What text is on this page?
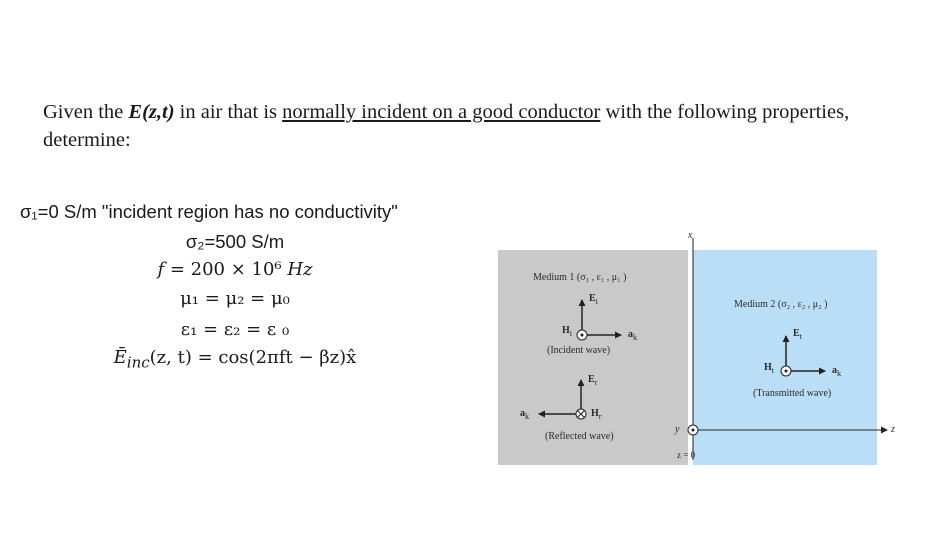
Given the E(z,t) in air that is normally incident on a good conductor with the following properties, determine:
σ₁=0 S/m "incident region has no conductivity"
σ₂=500 S/m
f = 200 × 10⁶ Hz
μ₁ = μ₂ = μ₀
ε₁ = ε₂ = ε ₀
$Ē_{inc}(z$, t) = cos(2πft − βz)x̂
x
Medium 1 (σ₁ , ε₁ , μ₁ )
Medium 2 (σ₂ , ε₂ , μ₂ )
$E_i$
$H_i$	$a_k$
(Incident wave)
$E_r$
$a_k$	$H_r$
(Reflected wave)
$E_t$
$H_t$	$a_k$
(Transmitted wave)
y	z
z = 0
